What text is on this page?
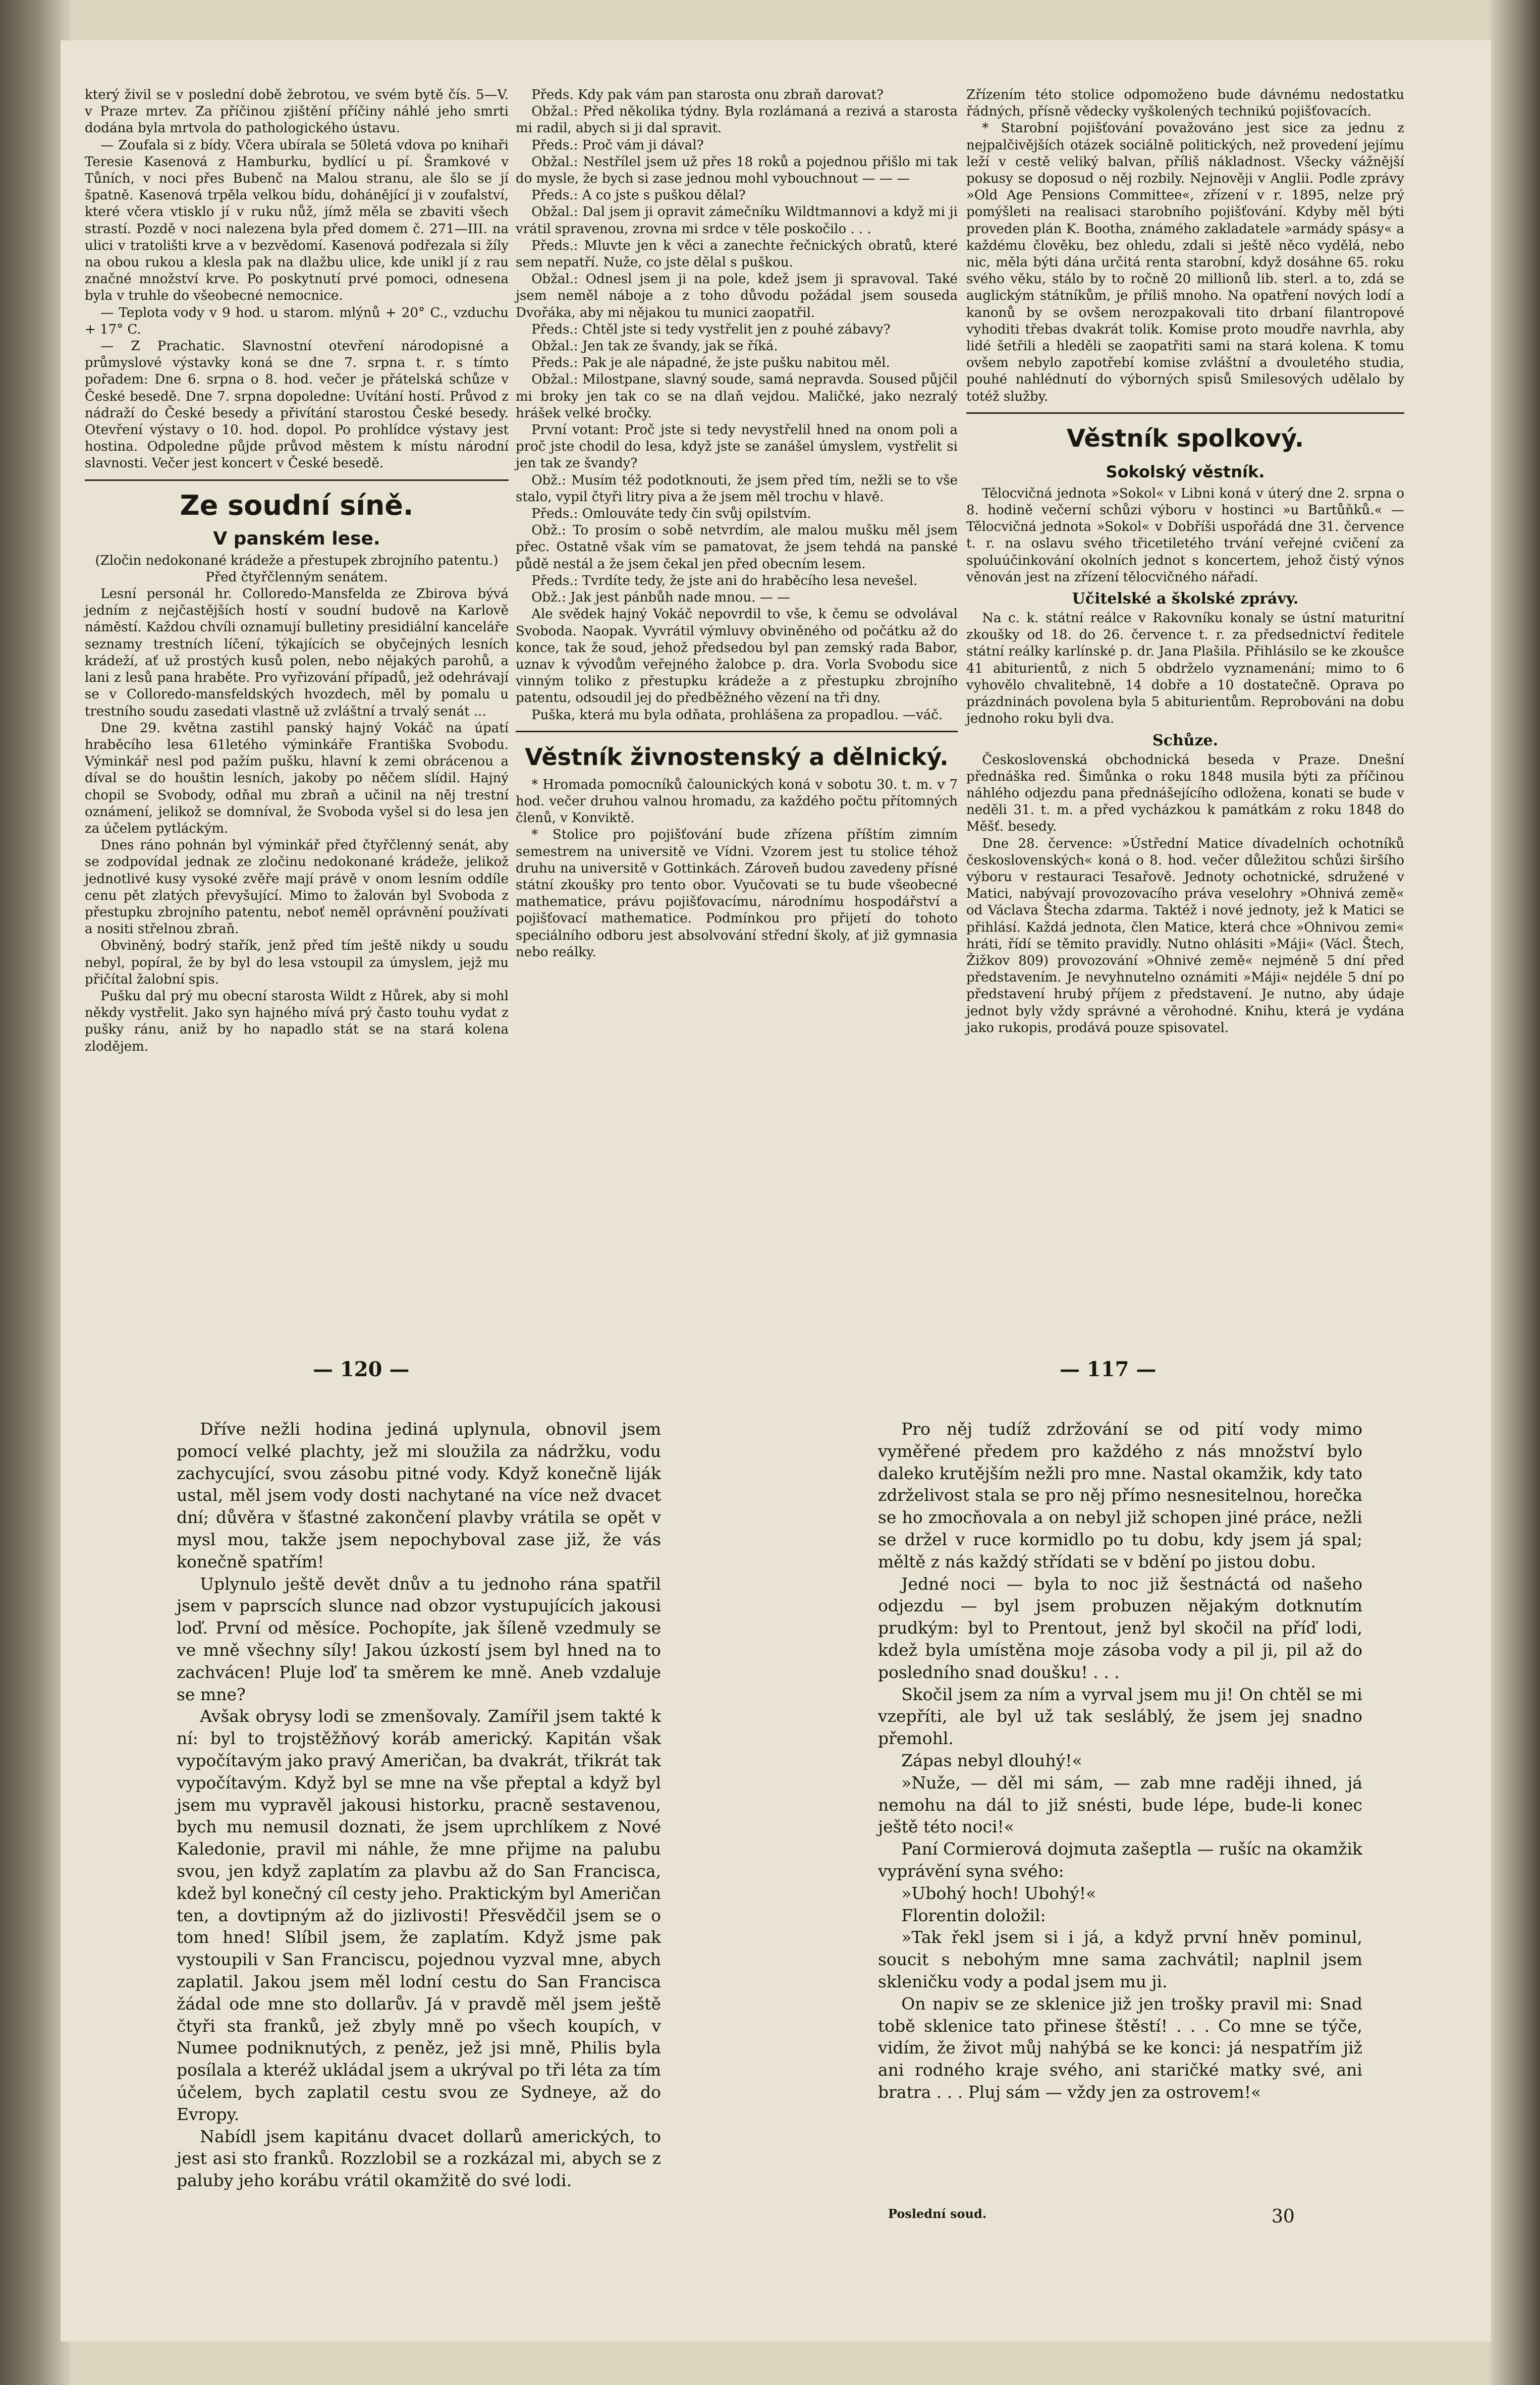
který živil se v poslední době žebrotou, ve svém bytě čís. 5—V. v Praze mrtev. Za příčinou zjištění příčiny náhlé jeho smrti dodána byla mrtvola do pathologického ústavu.

— Zoufala si z bídy. Včera ubírala se 50letá vdova po knihaři Teresie Kasenová z Hamburku, bydlící u pí. Šramkové v Tůních, v noci přes Bubenč na Malou stranu, ale šlo se jí špatně. Kasenová trpěla velkou bídu, dohánějící ji v zoufalství, které včera vtisklo jí v ruku nůž, jímž měla se zbaviti všech strastí. Pozdě v noci nalezena byla před domem č. 271—III. na ulici v tratolišti krve a v bezvědomí. Kasenová podřezala si žíly na obou rukou a klesla pak na dlažbu ulice, kde unikl jí z rau značné množství krve. Po poskytnutí prvé pomoci, odnesena byla v truhle do všeobecné nemocnice.

— Teplota vody v 9 hod. u starom. mlýnů + 20° C., vzduchu + 17° C.

— Z Prachatic. Slavnostní otevření národopisné a průmyslové výstavky koná se dne 7. srpna t. r. s tímto pořadem: Dne 6. srpna o 8. hod. večer je přátelská schůze v České besedě. Dne 7. srpna dopoledne: Uvítání hostí. Průvod z nádraží do České besedy a přivítání starostou České besedy. Otevření výstavy o 10. hod. dopol. Po prohlídce výstavy jest hostina. Odpoledne půjde průvod městem k místu národní slavnosti. Večer jest koncert v České besedě.

Ze soudní síně.
V panském lese.

(Zločin nedokonané krádeže a přestupek zbrojního patentu.)

Před čtyřčlenným senátem.

Lesní personál hr. Colloredo-Mansfelda ze Zbirova bývá jedním z nejčastějších hostí v soudní budově na Karlově náměstí. Každou chvíli oznamují bulletiny presidiální kanceláře seznamy trestních líčení, týkajících se obyčejných lesních krádeží, ať už prostých kusů polen, nebo nějakých parohů, a lani z lesů pana hraběte. Pro vyřizování případů, jež odehrávají se v Colloredo-mansfeldských hvozdech, měl by pomalu u trestního soudu zasedati vlastně už zvláštní a trvalý senát ...

Dne 29. května zastihl panský hajný Vokáč na úpatí hraběcího lesa 61letého výminkáře Františka Svobodu. Výminkář nesl pod pažím pušku, hlavní k zemi obrácenou a díval se do houštin lesních, jakoby po něčem slídil. Hajný chopil se Svobody, odňal mu zbraň a učinil na něj trestní oznámení, jelikož se domníval, že Svoboda vyšel si do lesa jen za účelem pytláckým.

Dnes ráno pohnán byl výminkář před čtyřčlenný senát, aby se zodpovídal jednak ze zločinu nedokonané krádeže, jelikož jednotlivé kusy vysoké zvěře mají právě v onom lesním oddíle cenu pět zlatých převyšující. Mimo to žalován byl Svoboda z přestupku zbrojního patentu, neboť neměl oprávnění používati a nositi střelnou zbraň.

Obviněný, bodrý stařík, jenž před tím ještě nikdy u soudu nebyl, popíral, že by byl do lesa vstoupil za úmyslem, jejž mu přičítal žalobní spis.

Pušku dal prý mu obecní starosta Wildt z Hůrek, aby si mohl někdy vystřelit. Jako syn hajného mívá prý často touhu vydat z pušky ránu, aniž by ho napadlo stát se na stará kolena zlodějem.

Předs. Kdy pak vám pan starosta onu zbraň darovat?

Obžal.: Před několika týdny. Byla rozlámaná a rezivá a starosta mi radil, abych si ji dal spravit.

Předs.: Proč vám ji dával?

Obžal.: Nestřílel jsem už přes 18 roků a pojednou přišlo mi tak do mysle, že bych si zase jednou mohl vybouchnout — — —

Předs.: A co jste s puškou dělal?

Obžal.: Dal jsem ji opravit zámečníku Wildtmannovi a když mi ji vrátil spravenou, zrovna mi srdce v těle poskočilo . . .

Předs.: Mluvte jen k věci a zanechte řečnických obratů, které sem nepatří. Nuže, co jste dělal s puškou.

Obžal.: Odnesl jsem ji na pole, kdež jsem ji spravoval. Také jsem neměl náboje a z toho důvodu požádal jsem souseda Dvořáka, aby mi nějakou tu munici zaopatřil.

Předs.: Chtěl jste si tedy vystřelit jen z pouhé zábavy?

Obžal.: Jen tak ze švandy, jak se říká.

Předs.: Pak je ale nápadné, že jste pušku nabitou měl.

Obžal.: Milostpane, slavný soude, samá nepravda. Soused půjčil mi broky jen tak co se na dlaň vejdou. Maličké, jako nezralý hrášek velké bročky.

První votant: Proč jste si tedy nevystřelil hned na onom poli a proč jste chodil do lesa, když jste se zanášel úmyslem, vystřelit si jen tak ze švandy?

Obž.: Musím též podotknouti, že jsem před tím, nežli se to vše stalo, vypil čtyři litry piva a že jsem měl trochu v hlavě.

Předs.: Omlouváte tedy čin svůj opilstvím.

Obž.: To prosím o sobě netvrdím, ale malou mušku měl jsem přec. Ostatně však vím se pamatovat, že jsem tehdá na panské půdě nestál a že jsem čekal jen před obecním lesem.

Předs.: Tvrdíte tedy, že jste ani do hraběcího lesa nevešel.

Obž.: Jak jest pánbůh nade mnou. — —

Ale svědek hajný Vokáč nepovrdil to vše, k čemu se odvolával Svoboda. Naopak. Vyvrátil výmluvy obviněného od počátku až do konce, tak že soud, jehož předsedou byl pan zemský rada Babor, uznav k vývodům veřejného žalobce p. dra. Vorla Svobodu sice vinným toliko z přestupku krádeže a z přestupku zbrojního patentu, odsoudil jej do předběžného vězení na tři dny.

Puška, která mu byla odňata, prohlášena za propadlou. —váč.

Věstník živnostenský a dělnický.

* Hromada pomocníků čalounických koná v sobotu 30. t. m. v 7 hod. večer druhou valnou hromadu, za každého počtu přítomných členů, v Konviktě.

* Stolice pro pojišťování bude zřízena příštím zimním semestrem na universitě ve Vídni. Vzorem jest tu stolice téhož druhu na universitě v Gottinkách. Zároveň budou zavedeny přísné státní zkoušky pro tento obor. Vyučovati se tu bude všeobecné mathematice, právu pojišťovacímu, národnímu hospodářství a pojišťovací mathematice. Podmínkou pro přijetí do tohoto speciálního odboru jest absolvování střední školy, ať již gymnasia nebo reálky.

Zřízením této stolice odpomoženo bude dávnému nedostatku řádných, přísně vědecky vyškolených technikú pojišťovacích.

* Starobní pojišťování považováno jest sice za jednu z nejpalčivějších otázek sociálně politických, než provedení jejímu leží v cestě veliký balvan, příliš nákladnost. Všecky vážnější pokusy se doposud o něj rozbily. Nejnověji v Anglii. Podle zprávy »Old Age Pensions Committee«, zřízení v r. 1895, nelze prý pomýšleti na realisaci starobního pojišťování. Kdyby měl býti proveden plán K. Bootha, známého zakladatele »armády spásy« a každému člověku, bez ohledu, zdali si ještě něco vydělá, nebo nic, měla býti dána určitá renta starobní, když dosáhne 65. roku svého věku, stálo by to ročně 20 millionů lib. sterl. a to, zdá se auglickým státníkům, je příliš mnoho. Na opatření nových lodí a kanonů by se ovšem nerozpakovali tito drbaní filantropové vyhoditi třebas dvakrát tolik. Komise proto moudře navrhla, aby lidé šetřili a hleděli se zaopatřiti sami na stará kolena. K tomu ovšem nebylo zapotřebí komise zvláštní a dvouletého studia, pouhé nahlédnutí do výborných spisů Smilesových udělalo by totéž služby.

Věstník spolkový.
Sokolský věstník.

Tělocvičná jednota »Sokol« v Libni koná v úterý dne 2. srpna o 8. hodině večerní schůzi výboru v hostinci »u Bartůňků.« — Tělocvičná jednota »Sokol« v Dobříši uspořádá dne 31. července t. r. na oslavu svého třicetiletého trvání veřejné cvičení za spoluúčinkování okolních jednot s koncertem, jehož čistý výnos věnován jest na zřízení tělocvičného nářadí.

Učitelské a školské zprávy.

Na c. k. státní reálce v Rakovníku konaly se ústní maturitní zkoušky od 18. do 26. července t. r. za předsednictví ředitele státní reálky karlínské p. dr. Jana Plašila. Přihlásilo se ke zkoušce 41 abiturientů, z nich 5 obdrželo vyznamenání; mimo to 6 vyhovělo chvalitebně, 14 dobře a 10 dostatečně. Oprava po prázdninách povolena byla 5 abiturientům. Reprobováni na dobu jednoho roku byli dva.

Schůze.

Československá obchodnická beseda v Praze. Dnešní přednáška red. Šimůnka o roku 1848 musila býti za příčinou náhlého odjezdu pana přednášejícího odložena, konati se bude v neděli 31. t. m. a před vycházkou k památkám z roku 1848 do Měšť. besedy.

Dne 28. července: »Ústřední Matice dívadelních ochotníků československých« koná o 8. hod. večer důležitou schůzi širšího výboru v restauraci Tesařově. Jednoty ochotnické, sdružené v Matici, nabývají provozovacího práva veselohry »Ohnivá země« od Václava Štecha zdarma. Taktéž i nové jednoty, jež k Matici se přihlásí. Každá jednota, člen Matice, která chce »Ohnivou zemi« hráti, řídí se těmito pravidly. Nutno ohlásiti »Máji« (Václ. Štech, Žižkov 809) provozování »Ohnivé země« nejméně 5 dní před představením. Je nevyhnutelno oznámiti »Máji« nejdéle 5 dní po představení hrubý příjem z představení. Je nutno, aby údaje jednot byly vždy správné a věrohodné. Knihu, která je vydána jako rukopis, prodává pouze spisovatel.

— 120 —	— 117 —

Dříve nežli hodina jediná uplynula, obnovil jsem pomocí velké plachty, jež mi sloužila za nádržku, vodu zachycující, svou zásobu pitné vody. Když konečně liják ustal, měl jsem vody dosti nachytané na více než dvacet dní; důvěra v šťastné zakončení plavby vrátila se opět v mysl mou, takže jsem nepochyboval zase již, že vás konečně spatřím!

Uplynulo ještě devět dnův a tu jednoho rána spatřil jsem v paprscích slunce nad obzor vystupujících jakousi loď. První od měsíce. Pochopíte, jak šíleně vzedmuly se ve mně všechny síly! Jakou úzkostí jsem byl hned na to zachvácen! Pluje loď ta směrem ke mně. Aneb vzdaluje se mne?

Avšak obrysy lodi se zmenšovaly. Zamířil jsem takté k ní: byl to trojstěžňový koráb americký. Kapitán však vypočítavým jako pravý Američan, ba dvakrát, třikrát tak vypočítavým. Když byl se mne na vše přeptal a když byl jsem mu vypravěl jakousi historku, pracně sestavenou, bych mu nemusil doznati, že jsem uprchlíkem z Nové Kaledonie, pravil mi náhle, že mne přijme na palubu svou, jen když zaplatím za plavbu až do San Francisca, kdež byl konečný cíl cesty jeho. Praktickým byl Američan ten, a dovtipným až do jizlivosti! Přesvědčil jsem se o tom hned! Slíbil jsem, že zaplatím. Když jsme pak vystoupili v San Franciscu, pojednou vyzval mne, abych zaplatil. Jakou jsem měl lodní cestu do San Francisca žádal ode mne sto dollarův. Já v pravdě měl jsem ještě čtyři sta franků, jež zbyly mně po všech koupích, v Numee podniknutých, z peněz, jež jsi mně, Philis byla posílala a kteréž ukládal jsem a ukrýval po tři léta za tím účelem, bych zaplatil cestu svou ze Sydneye, až do Evropy.

Nabídl jsem kapitánu dvacet dollarů amerických, to jest asi sto franků. Rozzlobil se a rozkázal mi, abych se z paluby jeho korábu vrátil okamžitě do své lodi.

Pro něj tudíž zdržování se od pití vody mimo vyměřené předem pro každého z nás množství bylo daleko krutějším nežli pro mne. Nastal okamžik, kdy tato zdrželivost stala se pro něj přímo nesnesitelnou, horečka se ho zmocňovala a on nebyl již schopen jiné práce, nežli se držel v ruce kormidlo po tu dobu, kdy jsem já spal; měltě z nás každý střídati se v bdění po jistou dobu.

Jedné noci — byla to noc již šestnáctá od našeho odjezdu — byl jsem probuzen nějakým dotknutím prudkým: byl to Prentout, jenž byl skočil na příď lodi, kdež byla umístěna moje zásoba vody a pil ji, pil až do posledního snad doušku! . . .

Skočil jsem za ním a vyrval jsem mu ji! On chtěl se mi vzepříti, ale byl už tak sesláblý, že jsem jej snadno přemohl.

Zápas nebyl dlouhý!«

»Nuže, — děl mi sám, — zab mne raději ihned, já nemohu na dál to již snésti, bude lépe, bude-li konec ještě této noci!«

Paní Cormierová dojmuta zašeptla — rušíc na okamžik vyprávění syna svého:

»Ubohý hoch! Ubohý!«

Florentin doložil:

»Tak řekl jsem si i já, a když první hněv pominul, soucit s nebohým mne sama zachvátil; naplnil jsem skleničku vody a podal jsem mu ji.

On napiv se ze sklenice již jen trošky pravil mi: Snad tobě sklenice tato přinese štěstí! . . . Co mne se týče, vidím, že život můj nahýbá se ke konci: já nespatřím již ani rodného kraje svého, ani staričké matky své, ani bratra . . . Pluj sám — vždy jen za ostrovem!«

Poslední soud.	30
